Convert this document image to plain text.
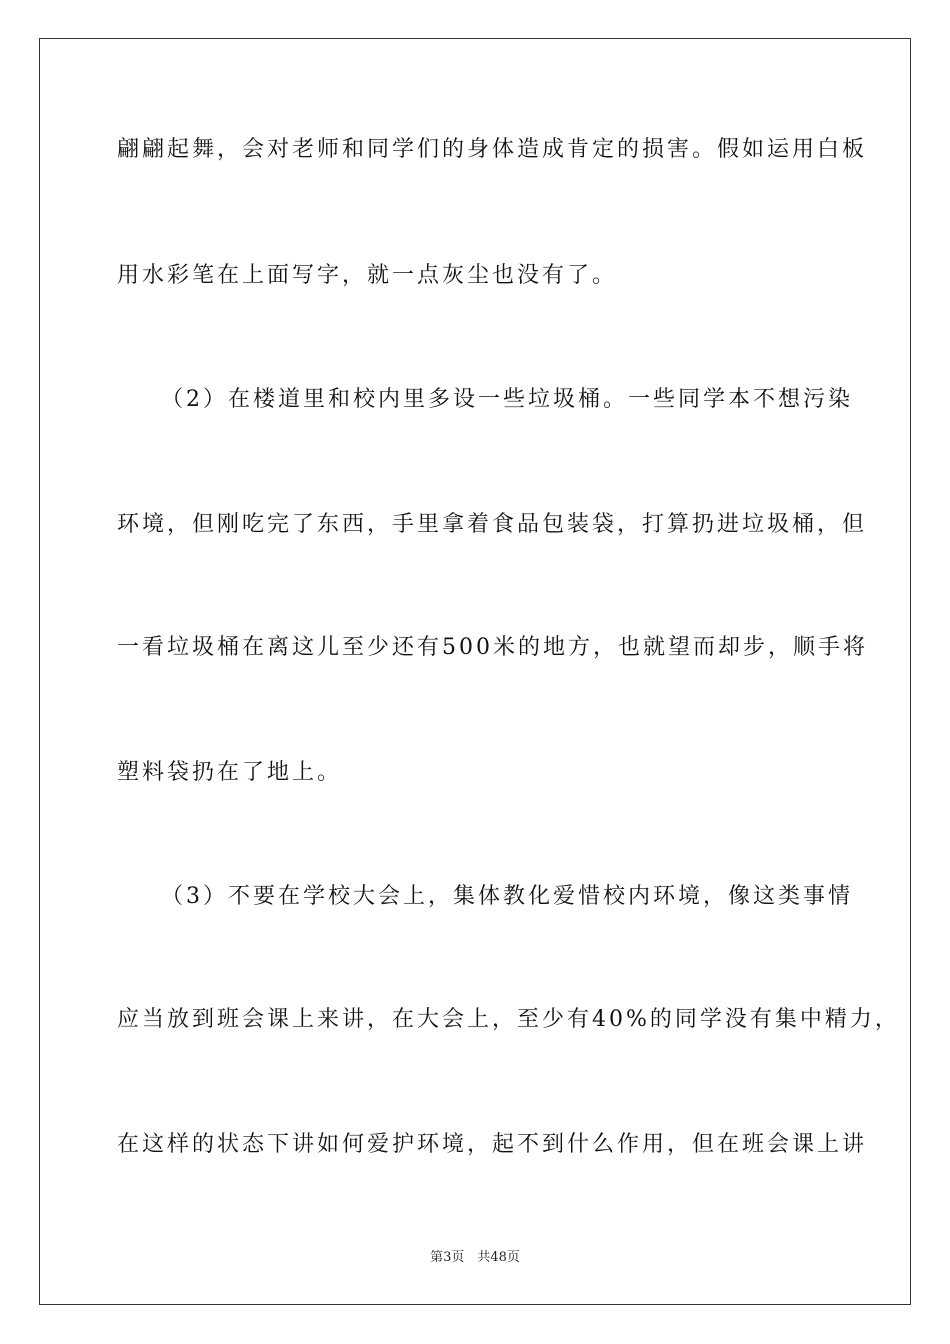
翩翩起舞，会对老师和同学们的身体造成肯定的损害。假如运用白板
用水彩笔在上面写字，就一点灰尘也没有了。
（2）在楼道里和校内里多设一些垃圾桶。一些同学本不想污染
环境，但刚吃完了东西，手里拿着食品包装袋，打算扔进垃圾桶，但
一看垃圾桶在离这儿至少还有500米的地方，也就望而却步，顺手将
塑料袋扔在了地上。
（3）不要在学校大会上，集体教化爱惜校内环境，像这类事情
应当放到班会课上来讲，在大会上，至少有40%的同学没有集中精力，
在这样的状态下讲如何爱护环境，起不到什么作用，但在班会课上讲
第3页　共48页
